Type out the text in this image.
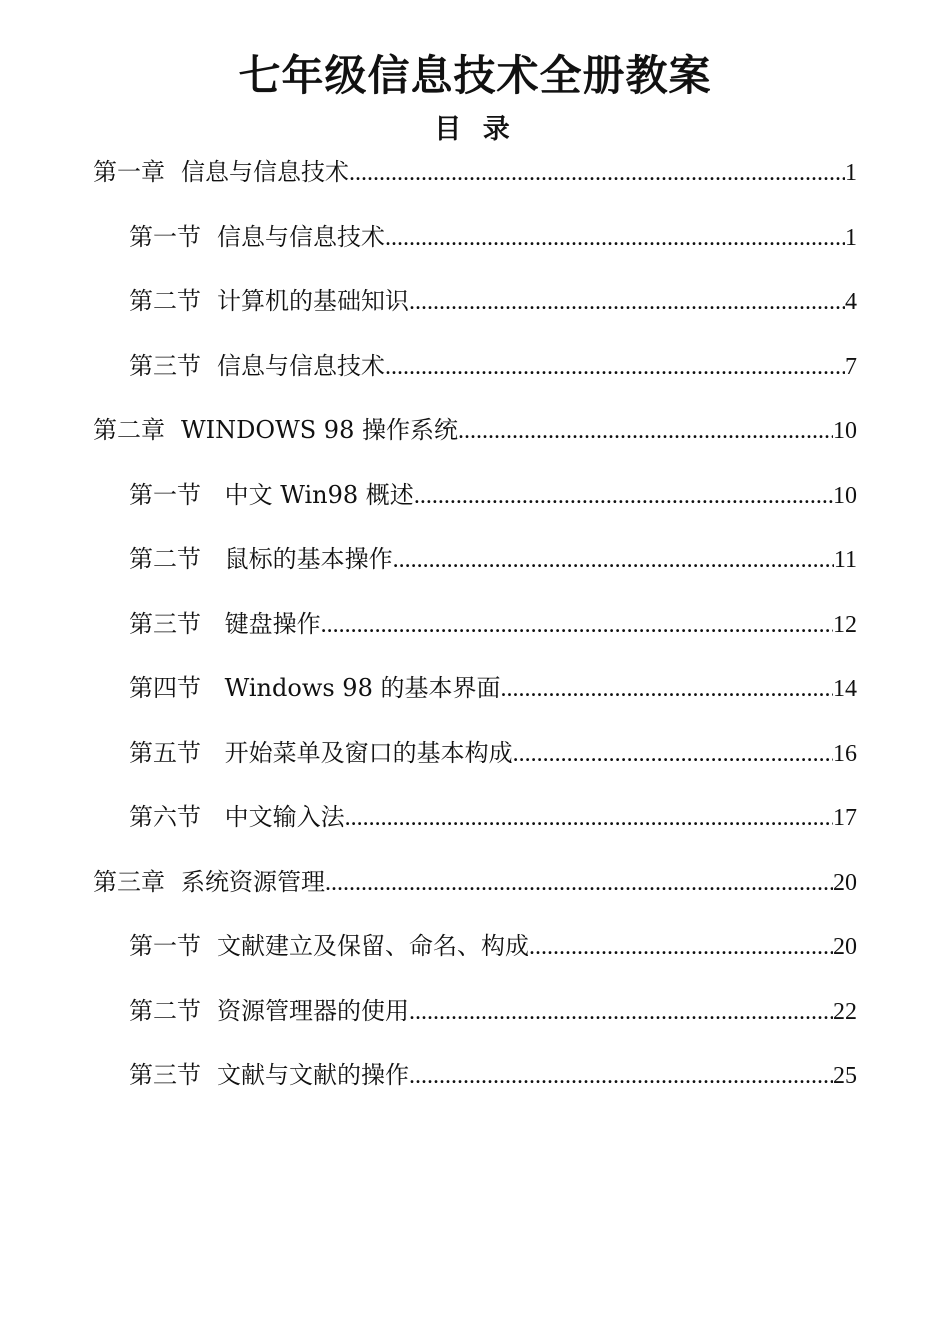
七年级信息技术全册教案
目 录
第一章 信息与信息技术 .....	1
第一节 信息与信息技术 .....	1
第二节 计算机的基础知识 .....	4
第三节 信息与信息技术 .....	7
第二章 WINDOWS 98 操作系统 .....	10
第一节 中文 Win98 概述 .....	10
第二节 鼠标的基本操作 .....	11
第三节 键盘操作 .....	12
第四节 Windows 98 的基本界面 .....	14
第五节 开始菜单及窗口的基本构成 .....	16
第六节 中文输入法 .....	17
第三章 系统资源管理 .....	20
第一节 文献建立及保留、命名、构成 .....	20
第二节 资源管理器的使用 .....	22
第三节 文献与文献的操作 .....	25
